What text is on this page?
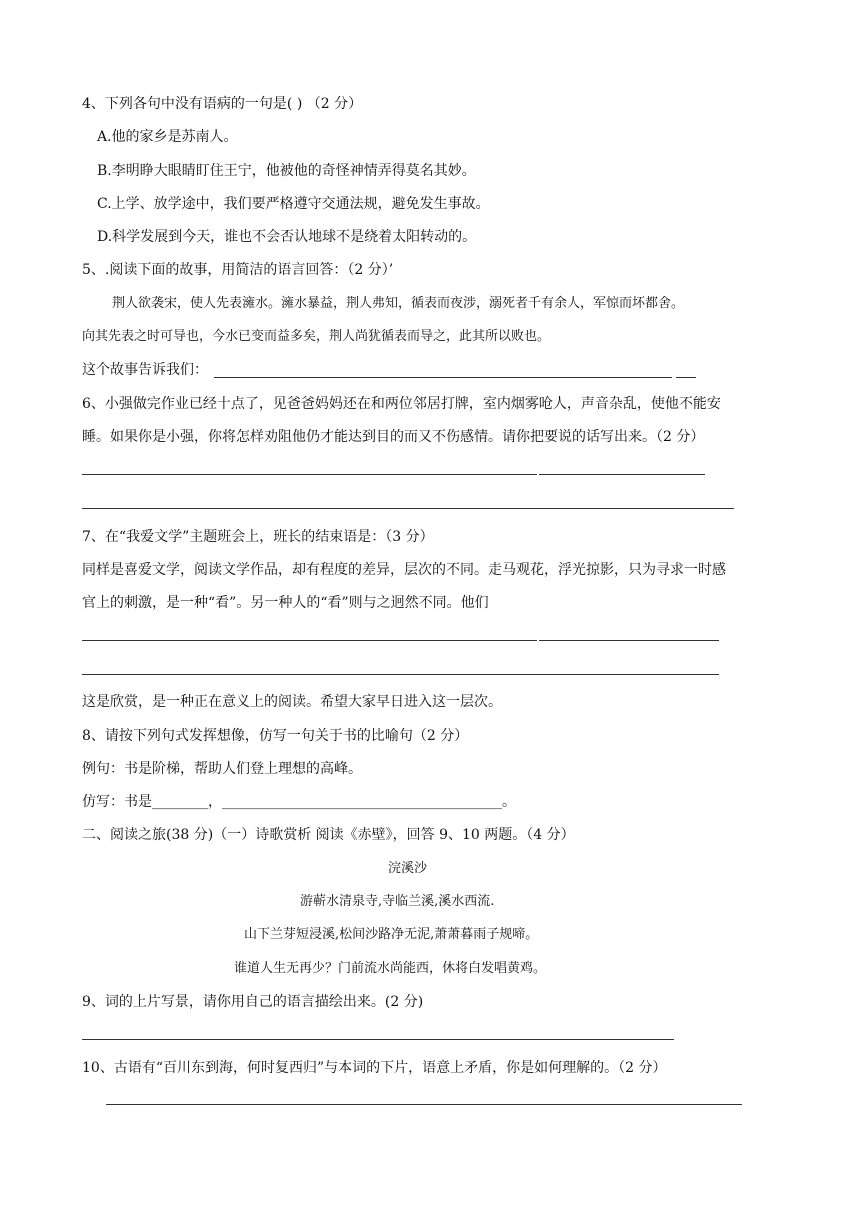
4、下列各句中没有语病的一句是( ) （2 分）
A.他的家乡是苏南人。
B.李明睁大眼睛盯住王宁，他被他的奇怪神情弄得莫名其妙。
C.上学、放学途中，我们要严格遵守交通法规，避免发生事故。
D.科学发展到今天，谁也不会否认地球不是绕着太阳转动的。
5、.阅读下面的故事，用简洁的语言回答：（2 分）’
荆人欲袭宋，使人先表澭水。澭水暴益，荆人弗知，循表而夜涉，溺死者千有余人，军惊而坏都舍。
向其先表之时可导也，今水已变而益多矣，荆人尚犹循表而导之，此其所以败也。
这个故事告诉我们：
6、小强做完作业已经十点了，见爸爸妈妈还在和两位邻居打牌，室内烟雾呛人，声音杂乱，使他不能安
睡。如果你是小强，你将怎样劝阻他仍才能达到目的而又不伤感情。请你把要说的话写出来。（2 分）
7、在“我爱文学”主题班会上，班长的结束语是：（3 分）
同样是喜爱文学，阅读文学作品，却有程度的差异，层次的不同。走马观花，浮光掠影，只为寻求一时感
官上的刺激，是一种“看”。另一种人的“看”则与之迥然不同。他们
这是欣赏，是一种正在意义上的阅读。希望大家早日进入这一层次。
8、请按下列句式发挥想像，仿写一句关于书的比喻句（2 分）
例句：书是阶梯，帮助人们登上理想的高峰。
仿写：书是________，________________________________________。
二、阅读之旅(38 分)（一）诗歌赏析 阅读《赤壁》，回答 9、10 两题。（4 分）
浣溪沙
游蕲水清泉寺,寺临兰溪,溪水西流.
山下兰芽短浸溪,松间沙路净无泥,萧萧暮雨子规啼。
谁道人生无再少？门前流水尚能西，休将白发唱黄鸡。
9、词的上片写景，请你用自己的语言描绘出来。(2 分)
10、古语有“百川东到海，何时复西归”与本词的下片，语意上矛盾，你是如何理解的。（2 分）
